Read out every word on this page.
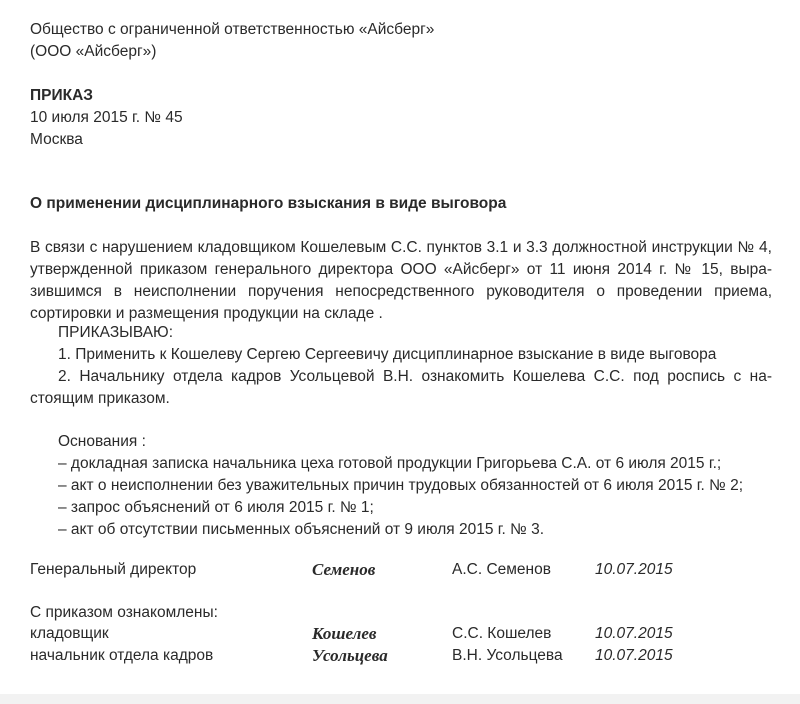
Общество с ограниченной ответственностью «Айсберг»
(ООО «Айсберг»)
ПРИКАЗ
10 июля 2015 г. № 45
Москва
О применении дисциплинарного взыскания в виде выговора
В связи с нарушением кладовщиком Кошелевым С.С. пунктов 3.1 и 3.3 должностной инструкции № 4,
утвержденной приказом генерального директора ООО «Айсберг» от 11 июня 2014 г. № 15, выра-
зившимся в неисполнении поручения непосредственного руководителя о проведении приема,
сортировки и размещения продукции на складе .
ПРИКАЗЫВАЮ:
1. Применить к Кошелеву Сергею Сергеевичу дисциплинарное взыскание в виде выговора
2. Начальнику отдела кадров Усольцевой В.Н. ознакомить Кошелева С.С. под роспись с на-
стоящим приказом.
Основания :
– докладная записка начальника цеха готовой продукции Григорьева С.А. от 6 июля 2015 г.;
– акт о неисполнении без уважительных причин трудовых обязанностей от 6 июля 2015 г. № 2;
– запрос объяснений от 6 июля 2015 г. № 1;
– акт об отсутствии письменных объяснений от 9 июля 2015 г. № 3.
Генеральный директор	Семенов	А.С. Семенов	10.07.2015
С приказом ознакомлены:
кладовщик	Кошелев	С.С. Кошелев	10.07.2015
начальник отдела кадров	Усольцева	В.Н. Усольцева 10.07.2015
